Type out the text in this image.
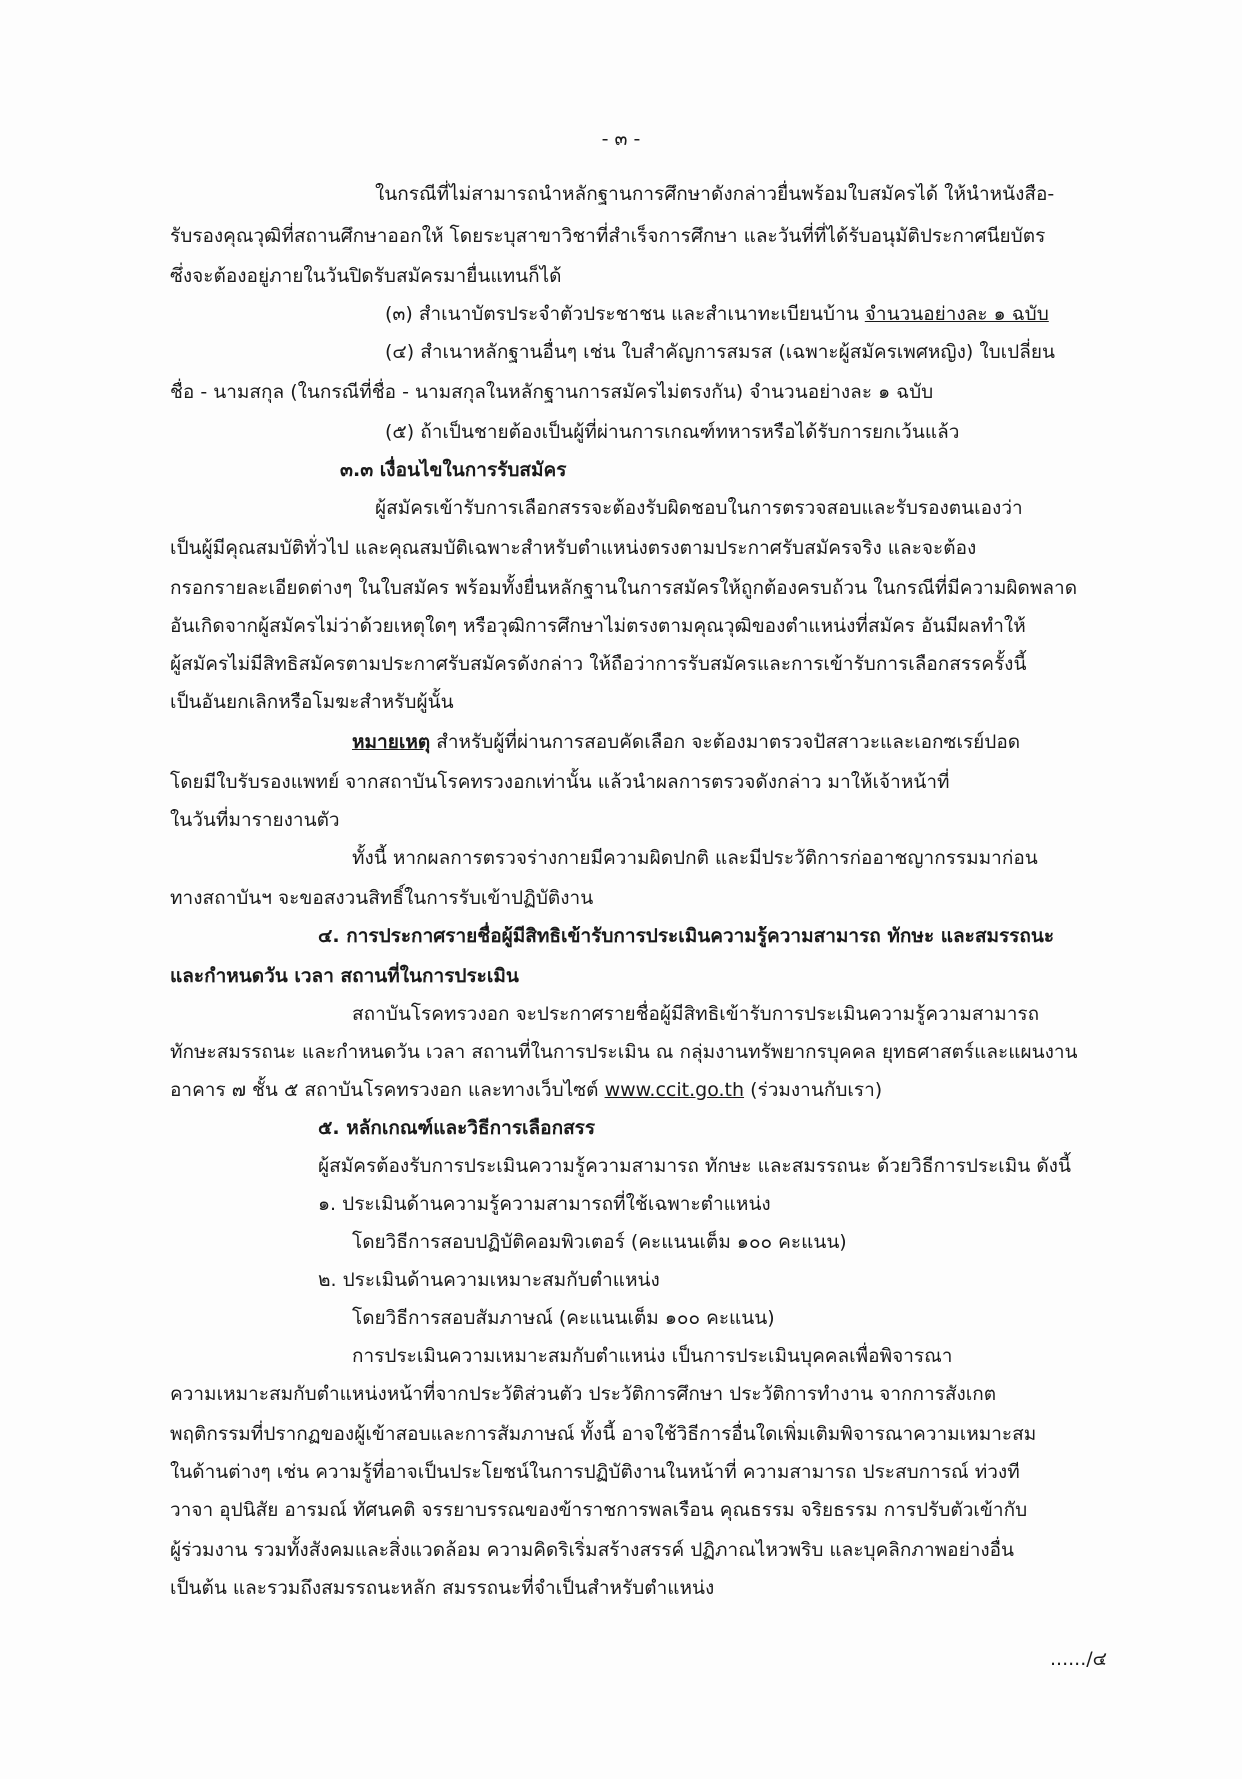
- ๓ -
ในกรณีที่ไม่สามารถนำหลักฐานการศึกษาดังกล่าวยื่นพร้อมใบสมัครได้ ให้นำหนังสือ-
รับรองคุณวุฒิที่สถานศึกษาออกให้ โดยระบุสาขาวิชาที่สำเร็จการศึกษา และวันที่ที่ได้รับอนุมัติประกาศนียบัตร
ซึ่งจะต้องอยู่ภายในวันปิดรับสมัครมายื่นแทนก็ได้
(๓) สำเนาบัตรประจำตัวประชาชน และสำเนาทะเบียนบ้าน จำนวนอย่างละ ๑ ฉบับ
(๔) สำเนาหลักฐานอื่นๆ เช่น ใบสำคัญการสมรส (เฉพาะผู้สมัครเพศหญิง) ใบเปลี่ยน
ชื่อ - นามสกุล (ในกรณีที่ชื่อ - นามสกุลในหลักฐานการสมัครไม่ตรงกัน) จำนวนอย่างละ ๑ ฉบับ
(๕) ถ้าเป็นชายต้องเป็นผู้ที่ผ่านการเกณฑ์ทหารหรือได้รับการยกเว้นแล้ว
๓.๓ เงื่อนไขในการรับสมัคร
ผู้สมัครเข้ารับการเลือกสรรจะต้องรับผิดชอบในการตรวจสอบและรับรองตนเองว่า
เป็นผู้มีคุณสมบัติทั่วไป และคุณสมบัติเฉพาะสำหรับตำแหน่งตรงตามประกาศรับสมัครจริง และจะต้อง
กรอกรายละเอียดต่างๆ ในใบสมัคร พร้อมทั้งยื่นหลักฐานในการสมัครให้ถูกต้องครบถ้วน ในกรณีที่มีความผิดพลาด
อันเกิดจากผู้สมัครไม่ว่าด้วยเหตุใดๆ หรือวุฒิการศึกษาไม่ตรงตามคุณวุฒิของตำแหน่งที่สมัคร อันมีผลทำให้
ผู้สมัครไม่มีสิทธิสมัครตามประกาศรับสมัครดังกล่าว ให้ถือว่าการรับสมัครและการเข้ารับการเลือกสรรครั้งนี้
เป็นอันยกเลิกหรือโมฆะสำหรับผู้นั้น
หมายเหตุ สำหรับผู้ที่ผ่านการสอบคัดเลือก จะต้องมาตรวจปัสสาวะและเอกซเรย์ปอด
โดยมีใบรับรองแพทย์ จากสถาบันโรคทรวงอกเท่านั้น แล้วนำผลการตรวจดังกล่าว มาให้เจ้าหน้าที่
ในวันที่มารายงานตัว
ทั้งนี้ หากผลการตรวจร่างกายมีความผิดปกติ และมีประวัติการก่ออาชญากรรมมาก่อน
ทางสถาบันฯ จะขอสงวนสิทธิ์ในการรับเข้าปฏิบัติงาน
๔. การประกาศรายชื่อผู้มีสิทธิเข้ารับการประเมินความรู้ความสามารถ ทักษะ และสมรรถนะ
และกำหนดวัน เวลา สถานที่ในการประเมิน
สถาบันโรคทรวงอก จะประกาศรายชื่อผู้มีสิทธิเข้ารับการประเมินความรู้ความสามารถ
ทักษะสมรรถนะ และกำหนดวัน เวลา สถานที่ในการประเมิน ณ กลุ่มงานทรัพยากรบุคคล ยุทธศาสตร์และแผนงาน
อาคาร ๗ ชั้น ๕ สถาบันโรคทรวงอก และทางเว็บไซต์ www.ccit.go.th (ร่วมงานกับเรา)
๕. หลักเกณฑ์และวิธีการเลือกสรร
ผู้สมัครต้องรับการประเมินความรู้ความสามารถ ทักษะ และสมรรถนะ ด้วยวิธีการประเมิน ดังนี้
๑. ประเมินด้านความรู้ความสามารถที่ใช้เฉพาะตำแหน่ง
โดยวิธีการสอบปฏิบัติคอมพิวเตอร์ (คะแนนเต็ม ๑๐๐ คะแนน)
๒. ประเมินด้านความเหมาะสมกับตำแหน่ง
โดยวิธีการสอบสัมภาษณ์ (คะแนนเต็ม ๑๐๐ คะแนน)
การประเมินความเหมาะสมกับตำแหน่ง เป็นการประเมินบุคคลเพื่อพิจารณา
ความเหมาะสมกับตำแหน่งหน้าที่จากประวัติส่วนตัว ประวัติการศึกษา ประวัติการทำงาน จากการสังเกต
พฤติกรรมที่ปรากฏของผู้เข้าสอบและการสัมภาษณ์ ทั้งนี้ อาจใช้วิธีการอื่นใดเพิ่มเติมพิจารณาความเหมาะสม
ในด้านต่างๆ เช่น ความรู้ที่อาจเป็นประโยชน์ในการปฏิบัติงานในหน้าที่ ความสามารถ ประสบการณ์ ท่วงที
วาจา อุปนิสัย อารมณ์ ทัศนคติ จรรยาบรรณของข้าราชการพลเรือน คุณธรรม จริยธรรม การปรับตัวเข้ากับ
ผู้ร่วมงาน รวมทั้งสังคมและสิ่งแวดล้อม ความคิดริเริ่มสร้างสรรค์ ปฏิภาณไหวพริบ และบุคลิกภาพอย่างอื่น
เป็นต้น และรวมถึงสมรรถนะหลัก สมรรถนะที่จำเป็นสำหรับตำแหน่ง
....../๔
